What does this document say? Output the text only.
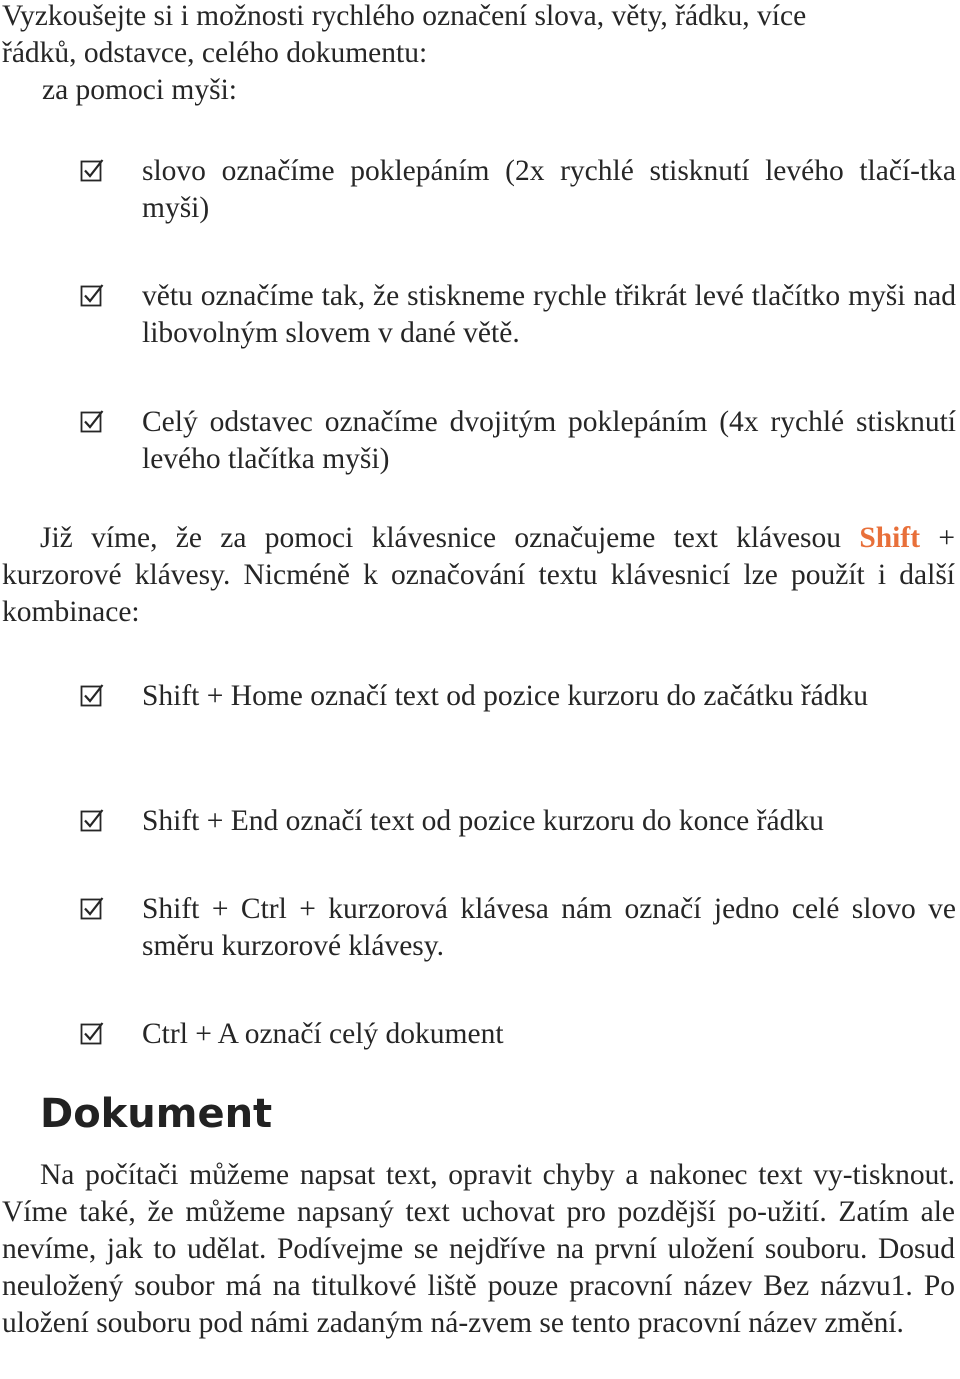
Vyzkoušejte si i možnosti rychlého označení slova, věty, řádku, více
řádků, odstavce, celého dokumentu:
za pomoci myši:

slovo označíme poklepáním (2x rychlé stisknutí levého tlačí-tka myši)

větu označíme tak, že stiskneme rychle třikrát levé tlačítko myši nad libovolným slovem v dané větě.

Celý odstavec označíme dvojitým poklepáním (4x rychlé stisknutí levého tlačítka myši)

Již víme, že za pomoci klávesnice označujeme text klávesou Shift + kurzorové klávesy. Nicméně k označování textu klávesnicí lze použít i další kombinace:

Shift + Home označí text od pozice kurzoru do začátku řádku

Shift + End označí text od pozice kurzoru do konce řádku

Shift + Ctrl + kurzorová klávesa nám označí jedno celé slovo ve směru kurzorové klávesy.

Ctrl + A označí celý dokument

Dokument

Na počítači můžeme napsat text, opravit chyby a nakonec text vy-tisknout. Víme také, že můžeme napsaný text uchovat pro pozdější po-užití. Zatím ale nevíme, jak to udělat. Podívejme se nejdříve na první uložení souboru. Dosud neuložený soubor má na titulkové liště pouze pracovní název Bez názvu1. Po uložení souboru pod námi zadaným ná-zvem se tento pracovní název změní.
